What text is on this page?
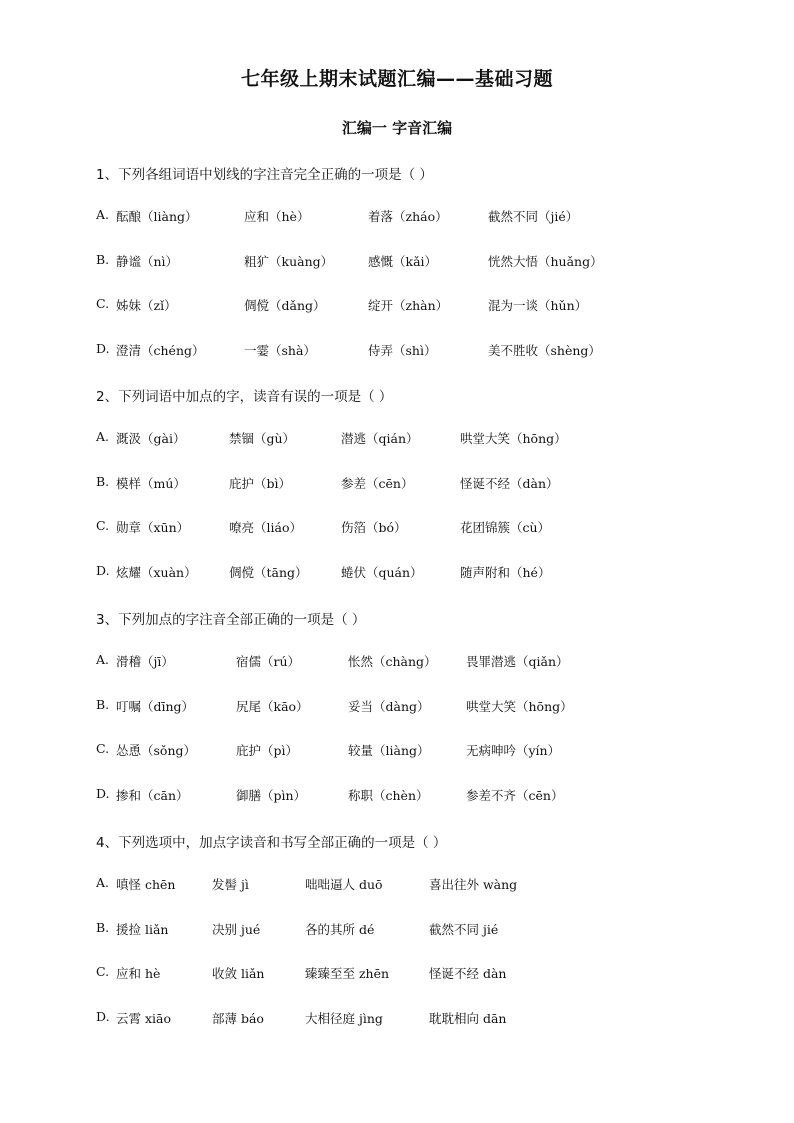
七年级上期末试题汇编——基础习题
汇编一 字音汇编
1、下列各组词语中划线的字注音完全正确的一项是（ ）
A. 酝酿（liàng）	应和（hè）	着落（zháo）	截然不同（jié）
B. 静谧（nì）	粗犷（kuàng）	感慨（kǎi）	恍然大悟（huǎng）
C. 姊妹（zǐ）	倜傥（dǎng）	绽开（zhàn）	混为一谈（hǔn）
D. 澄清（chéng）	一霎（shà）	侍弄（shì）	美不胜收（shèng）
2、下列词语中加点的字，读音有误的一项是（ ）
A. 溉汲（gài）	禁锢（gù）	潜逃（qián）	哄堂大笑（hōng）
B. 模样（mú）	庇护（bì）	参差（cēn）	怪诞不经（dàn）
C. 勋章（xūn）	嘹亮（liáo）	伤箔（bó）	花团锦簇（cù）
D. 炫耀（xuàn）	倜傥（tāng）	蜷伏（quán）	随声附和（hé）
3、下列加点的字注音全部正确的一项是（ ）
A. 滑稽（jī）	宿儒（rú）	怅然（chàng） 畏罪潜逃（qiǎn）
B. 叮嘱（dīng）	尻尾（kāo）	妥当（dàng）	哄堂大笑（hōng）
C. 怂恿（sǒng）	庇护（pì）	较量（liàng）	无病呻吟（yín）
D. 掺和（cān）	御膳（pìn）	称职（chèn）	参差不齐（cēn）
4、下列选项中，加点字读音和书写全部正确的一项是（ ）
A. 嗔怪 chēn	发髻 jì	咄咄逼人 duō	喜出往外 wàng
B. 援捡 liǎn	决别 jué	各的其所 dé	截然不同 jié
C. 应和 hè	收敛 liǎn	臻臻至至 zhēn	怪诞不经 dàn
D. 云霄 xiāo	部薄 báo	大相径庭 jìng	耽耽相向 dān
